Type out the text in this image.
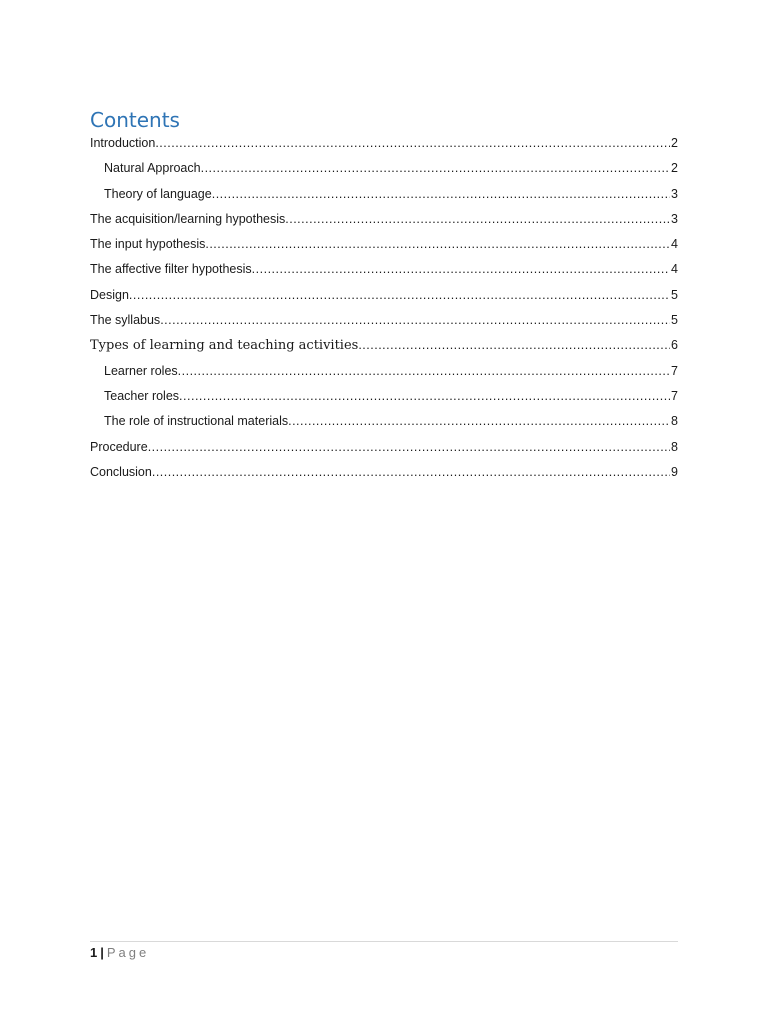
Contents
Introduction .....	2
Natural Approach .....	2
Theory of language .....	3
The acquisition/learning hypothesis .....	3
The input hypothesis .....	4
The affective filter hypothesis .....	4
Design .....	5
The syllabus .....	5
Types of learning and teaching activities .....	6
Learner roles .....	7
Teacher roles .....	7
The role of instructional materials .....	8
Procedure .....	8
Conclusion .....	9
1 | Page
